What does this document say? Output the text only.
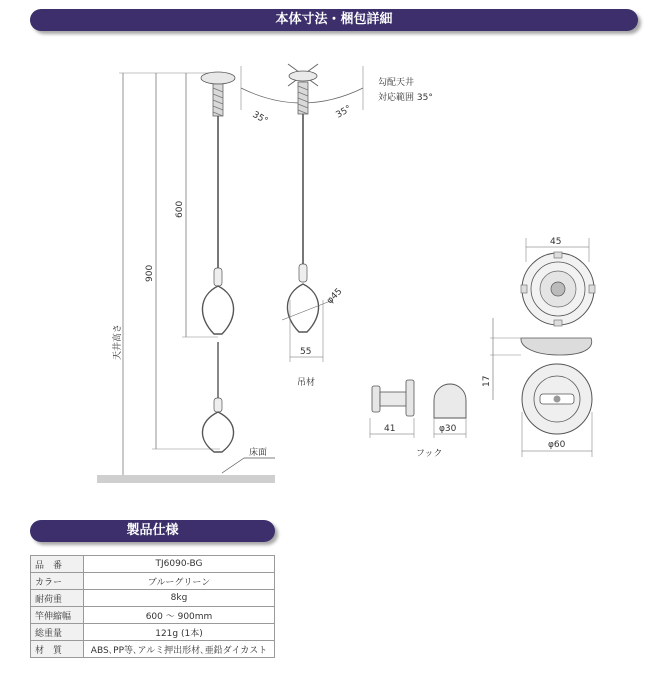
本体寸法・梱包詳細
床面
天井高さ
900
600
35°	35°
勾配天井
対応範囲 35°
φ45
55
吊材
45
17
φ60
41	φ30
フック
製品仕様
品　番	TJ6090-BG
カラー	ブルーグリーン
耐荷重	8kg
竿伸縮幅	600 ～ 900mm
総重量	121g (1本)
材　質	ABS､PP等､アルミ押出形材､亜鉛ダイカスト
